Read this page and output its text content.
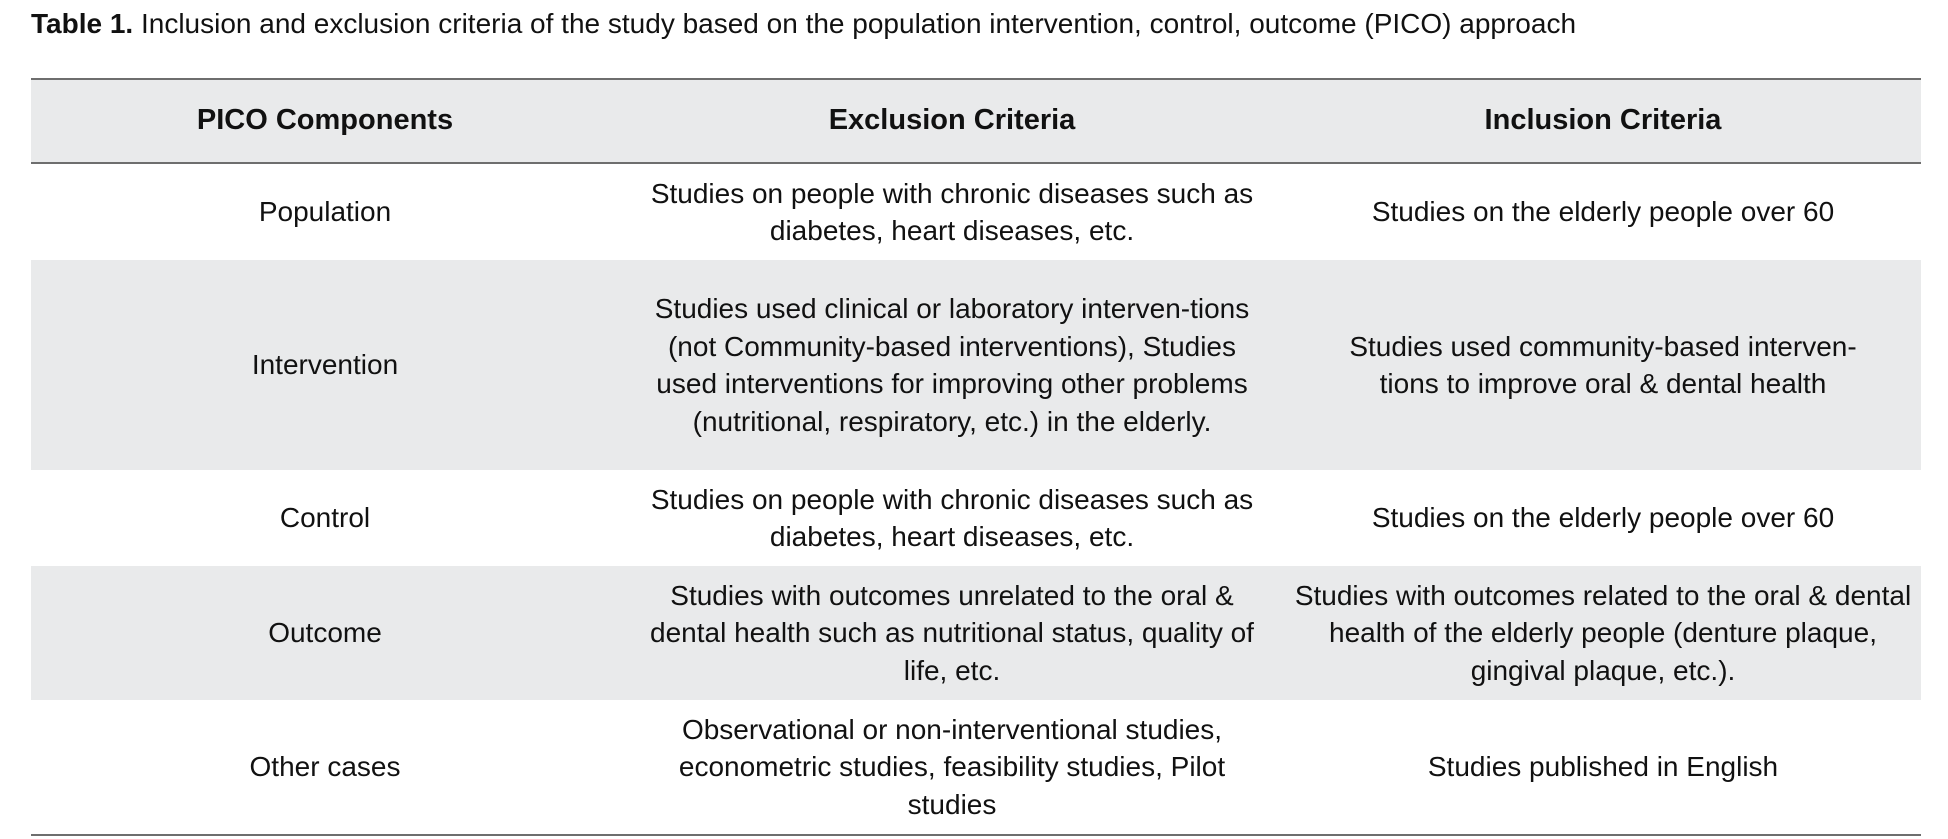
Table 1. Inclusion and exclusion criteria of the study based on the population intervention, control, outcome (PICO) approach
PICO Components	Exclusion Criteria	Inclusion Criteria
Population	Studies on people with chronic diseases such as diabetes, heart diseases, etc.	Studies on the elderly people over 60
Intervention	Studies used clinical or laboratory interven-tions (not Community-based interventions), Studies used interventions for improving other problems (nutritional, respiratory, etc.) in the elderly.	Studies used community-based interven-tions to improve oral & dental health
Control	Studies on people with chronic diseases such as diabetes, heart diseases, etc.	Studies on the elderly people over 60
Outcome	Studies with outcomes unrelated to the oral & dental health such as nutritional status, quality of life, etc.	Studies with outcomes related to the oral & dental health of the elderly people (denture plaque, gingival plaque, etc.).
Other cases	Observational or non-interventional studies, econometric studies, feasibility studies, Pilot studies	Studies published in English
